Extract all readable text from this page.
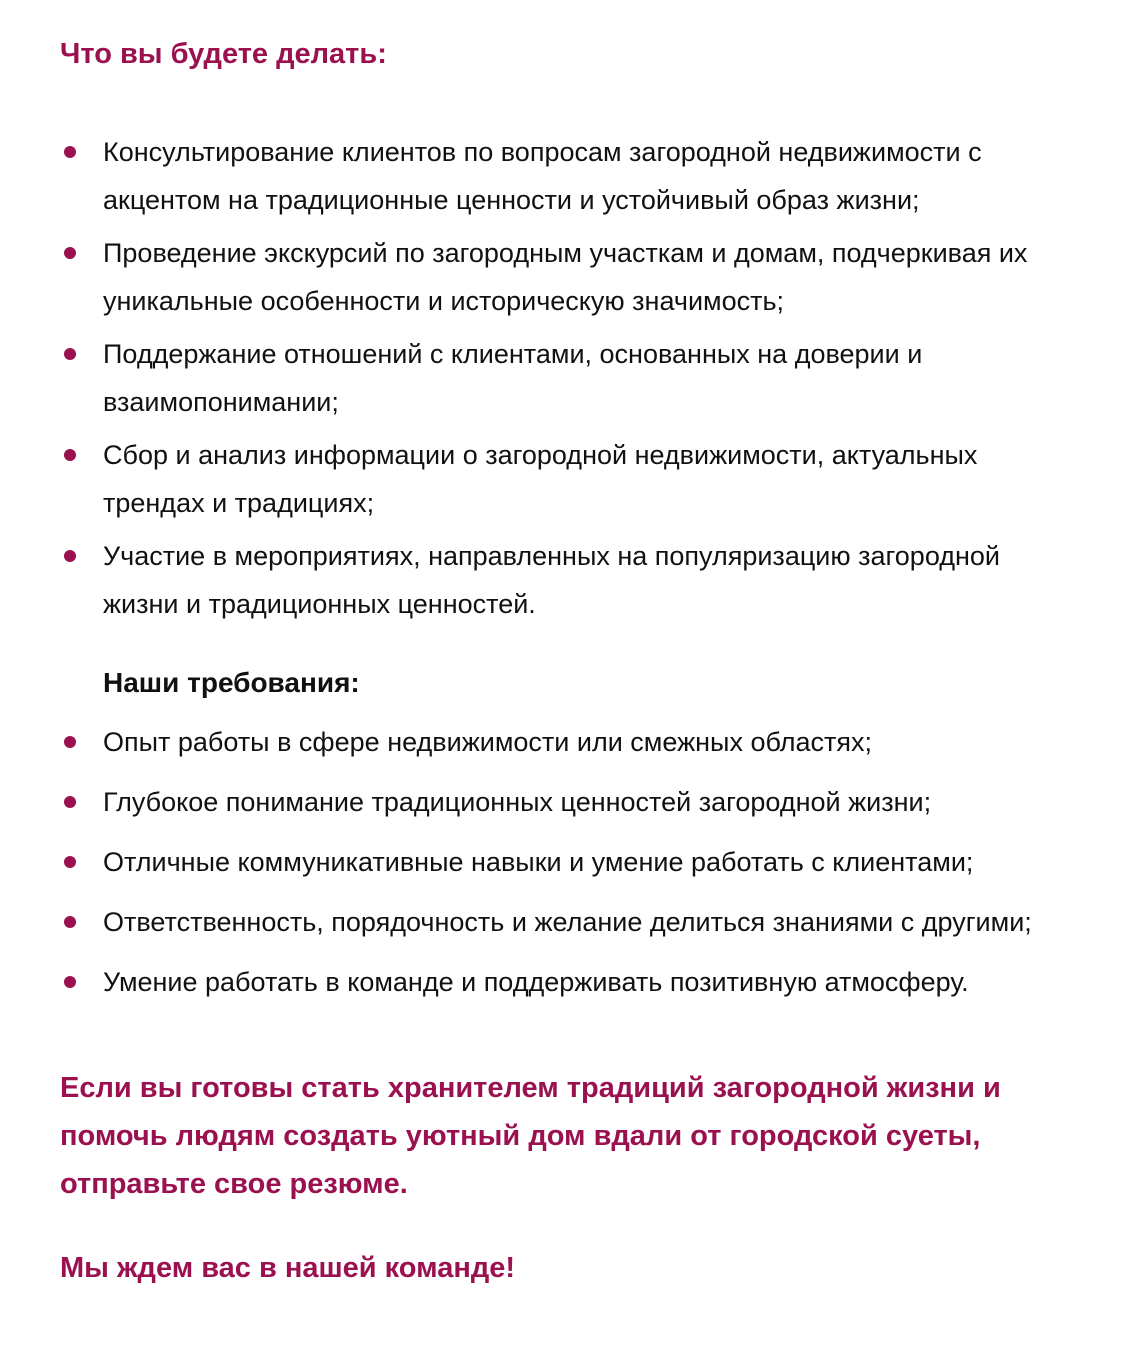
Что вы будете делать:
Консультирование клиентов по вопросам загородной недвижимости с акцентом на традиционные ценности и устойчивый образ жизни;
Проведение экскурсий по загородным участкам и домам, подчеркивая их уникальные особенности и историческую значимость;
Поддержание отношений с клиентами, основанных на доверии и взаимопонимании;
Сбор и анализ информации о загородной недвижимости, актуальных трендах и традициях;
Участие в мероприятиях, направленных на популяризацию загородной жизни и традиционных ценностей.
Наши требования:
Опыт работы в сфере недвижимости или смежных областях;
Глубокое понимание традиционных ценностей загородной жизни;
Отличные коммуникативные навыки и умение работать с клиентами;
Ответственность, порядочность и желание делиться знаниями с другими;
Умение работать в команде и поддерживать позитивную атмосферу.

Если вы готовы стать хранителем традиций загородной жизни и помочь людям создать уютный дом вдали от городской суеты, отправьте свое резюме.

Мы ждем вас в нашей команде!
